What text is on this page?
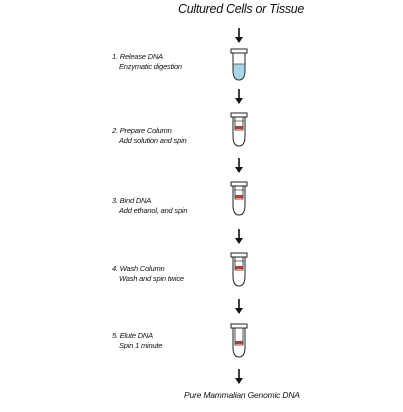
Cultured Cells or Tissue
1. Release DNA
Enzymatic digestion
2. Prepare Column
Add solution and spin
3. Bind DNA
Add ethanol, and spin
4. Wash Column
Wash and spin twice
5. Elute DNA
Spin 1 minute
Pure Mammalian Genomic DNA
